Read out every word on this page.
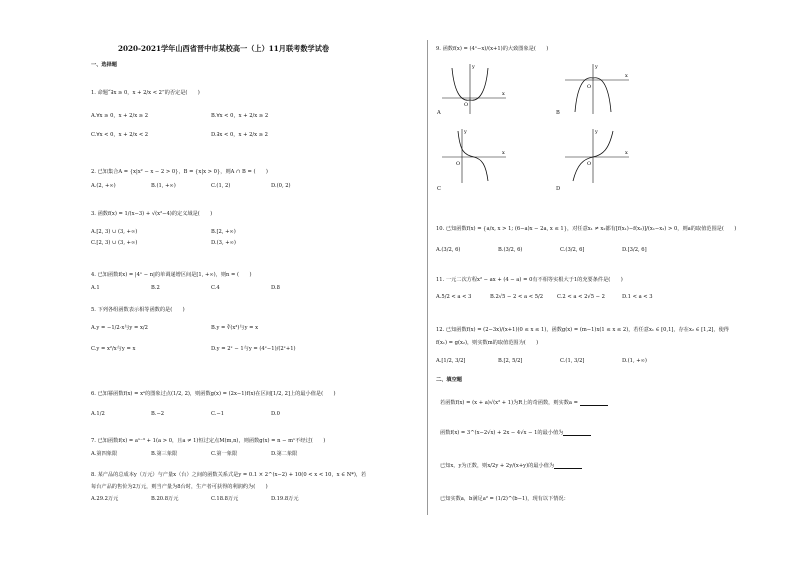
2020-2021学年山西省晋中市某校高一（上）11月联考数学试卷
一、选择题
1. 命题“∃x ≥ 0，x + 2/x < 2”的否定是(　　)
A.∀x ≥ 0，x + 2/x ≥ 2	B.∀x < 0，x + 2/x ≥ 2
C.∀x < 0，x + 2/x < 2	D.∃x < 0，x + 2/x ≥ 2
2. 已知集合A = {x|x² − x − 2 > 0}，B = {x|x > 0}，则A ∩ B = (　　)
A.(2, +∞)	B.(1, +∞)	C.(1, 2)	D.(0, 2)
3. 函数f(x) = 1/(x−3) + √(x²−4)的定义域是(　　)
A.[2, 3) ∪ (3, +∞)	B.[2, +∞)
C.[2, 3) ∪ (3, +∞)	D.(3, +∞)
4. 已知函数f(x) = |4ˣ − n|的单调递增区间是[1, +∞)，则n = (　　)
A.1	B.2	C.4	D.8
5. 下列各组函数表示相等函数的是(　　)
A.y = −1/2·x与y = x/2	B.y = ∛(x³)与y = x
C.y = x²/x与y = x	D.y = 2ˣ − 1与y = (4ˣ−1)/(2ˣ+1)
6. 已知幂函数f(x) = xᵃ的图象过点(1/2, 2)，则函数g(x) = (2x−1)f(x)在区间[1/2, 2]上的最小值是(　　)
A.1/2	B.−2	C.−1	D.0
7. 已知函数f(x) = aˣ⁻³ + 1(a > 0，且a ≠ 1)恒过定点M(m,n)，则函数g(x) = n − mˣ不经过(　　)
A.第四象限	B.第三象限	C.第一象限	D.第二象限
8. 某产品的总成本y（万元）与产量x（台）之间的函数关系式是y = 0.1 × 2^(x−2) + 10(0 < x < 10，x ∈ N*)，若
每台产品的售价为2万元，则当产量为8台时，生产者可获得的利润约为(　　)
A.29.2万元	B.20.8万元	C.18.8万元	D.19.8万元
9. 函数f(x) = (4ˣ−x)/(x+1)的大致图象是(　　)
x
y
O
A
x
y
O
B
x
y
O
C
x
y
O
D
10. 已知函数f(x) = {a/x, x > 1; (6−a)x − 2a, x ≤ 1}，对任意x₁ ≠ x₂都有[f(x₁)−f(x₂)]/(x₁−x₂) > 0，则a的取值范围是(　　)
A.(3/2, 6)	B.(3/2, 6)	C.(3/2, 6]	D.[3/2, 6]
11. 一元二次方程x² − ax + (4 − a) = 0有不相等实根大于1的充要条件是(　　)
A.5/2 < a < 3	B.2√5 − 2 < a < 5/2	C.2 < a < 2√5 − 2	D.1 < a < 3
12. 已知函数f(x) = (2−3x)/(x+1)(0 ≤ x ≤ 1)，函数g(x) = (m−1)x(1 ≤ x ≤ 2)，若任意x₁ ∈ [0,1]，存在x₂ ∈ [1,2]，使得
f(x₁) = g(x₂)，则实数m的取值范围为(　　)
A.[1/2, 3/2]	B.[2, 5/2]	C.(1, 3/2]	D.(1, +∞)
二、填空题
若函数f(x) = (x + a)√(x² + 1)为R上的奇函数，则实数a =
函数f(x) = 3^(x−2√x) + 2x − 4√x − 1的最小值为
已知x，y为正数，则x/2y + 2y/(x+y)的最小值为
已知实数a，b满足a² = (1/2)^(b−1)，现有以下情况：
